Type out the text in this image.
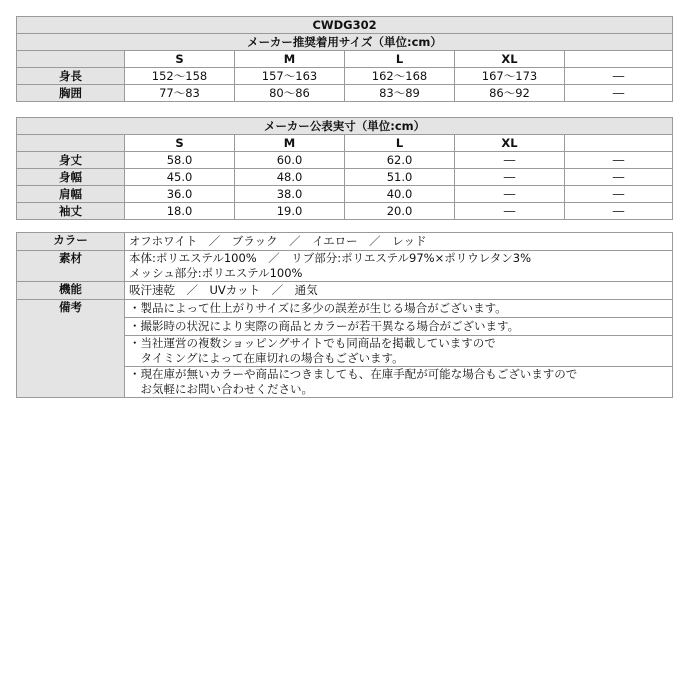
CWDG302					
メーカー推奨着用サイズ（単位:cm）					
	S	M	L	XL	
身長	152～158	157～163	162～168	167～173	―
胸囲	77～83	80～86	83～89	86～92	―
メーカー公表実寸（単位:cm）					
	S	M	L	XL	
身丈	58.0	60.0	62.0	―	―
身幅	45.0	48.0	51.0	―	―
肩幅	36.0	38.0	40.0	―	―
袖丈	18.0	19.0	20.0	―	―
カラー	オフホワイト　／　ブラック　／　イエロー　／　レッド
素材	本体:ポリエステル100%　／　リブ部分:ポリエステル97%×ポリウレタン3%
メッシュ部分:ポリエステル100%

機能	吸汗速乾　／　UVカット　／　通気
備考	・製品によって仕上がりサイズに多少の誤差が生じる場合がございます。
	・撮影時の状況により実際の商品とカラーが若干異なる場合がございます。

	・当社運営の複数ショッピングサイトでも同商品を掲載していますので
　タイミングによって在庫切れの場合もございます。

	・現在庫が無いカラーや商品につきましても、在庫手配が可能な場合もございますので
　お気軽にお問い合わせください。
